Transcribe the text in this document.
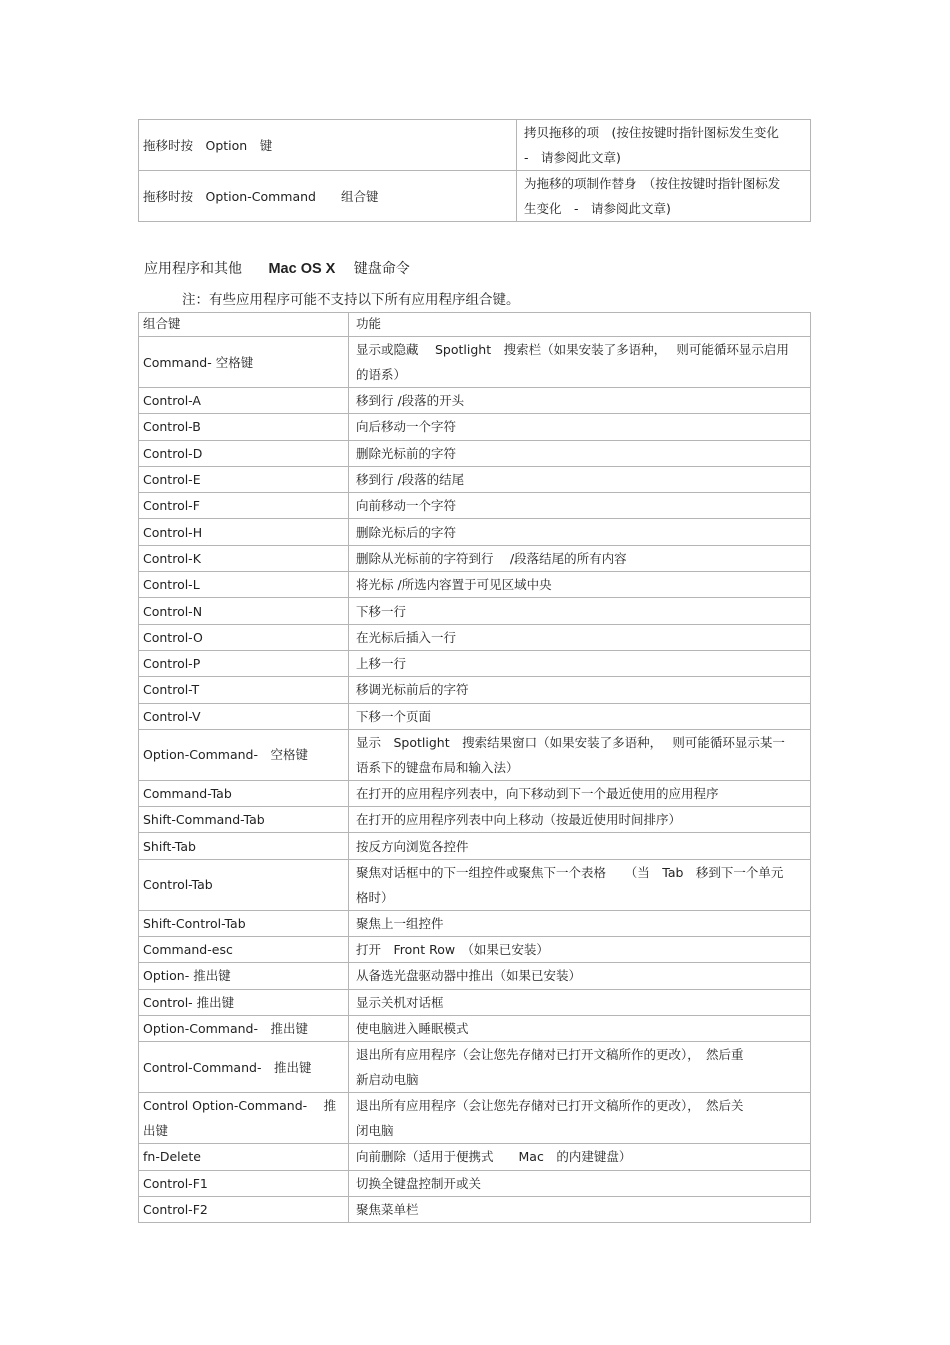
拖移时按　Option　键	拷贝拖移的项　(按住按键时指针图标发生变化
-　请参阅此文章)

拖移时按　Option-Command　　组合键	为拖移的项制作替身　（按住按键时指针图标发
生变化　-　请参阅此文章)
应用程序和其他 Mac OS X 键盘命令
注：有些应用程序可能不支持以下所有应用程序组合键。
组合键	功能
Command- 空格键	显示或隐藏　 Spotlight　搜索栏（如果安装了多语种，　 则可能循环显示启用
的语系）

Control-A	移到行 /段落的开头

Control-B	向后移动一个字符

Control-D	删除光标前的字符

Control-E	移到行 /段落的结尾

Control-F	向前移动一个字符

Control-H	删除光标后的字符

Control-K	删除从光标前的字符到行　 /段落结尾的所有内容

Control-L	将光标 /所选内容置于可见区域中央

Control-N	下移一行

Control-O	在光标后插入一行

Control-P	上移一行

Control-T	移调光标前后的字符

Control-V	下移一个页面

Option-Command-　空格键	显示　Spotlight　搜索结果窗口（如果安装了多语种，　 则可能循环显示某一
语系下的键盘布局和输入法）

Command-Tab	在打开的应用程序列表中，向下移动到下一个最近使用的应用程序

Shift-Command-Tab	在打开的应用程序列表中向上移动（按最近使用时间排序）

Shift-Tab	按反方向浏览各控件

Control-Tab	聚焦对话框中的下一组控件或聚焦下一个表格　　（当　Tab　移到下一个单元
格时）

Shift-Control-Tab	聚焦上一组控件

Command-esc	打开　Front Row　（如果已安装）

Option- 推出键	从备选光盘驱动器中推出（如果已安装）

Control- 推出键	显示关机对话框

Option-Command-　推出键	使电脑进入睡眠模式

Control-Command-　推出键	退出所有应用程序（会让您先存储对已打开文稿所作的更改），　然后重
新启动电脑

Control Option-Command-　 推出键	退出所有应用程序（会让您先存储对已打开文稿所作的更改），　然后关
闭电脑

fn-Delete	向前删除（适用于便携式　　Mac　的内建键盘）

Control-F1	切换全键盘控制开或关

Control-F2	聚焦菜单栏
